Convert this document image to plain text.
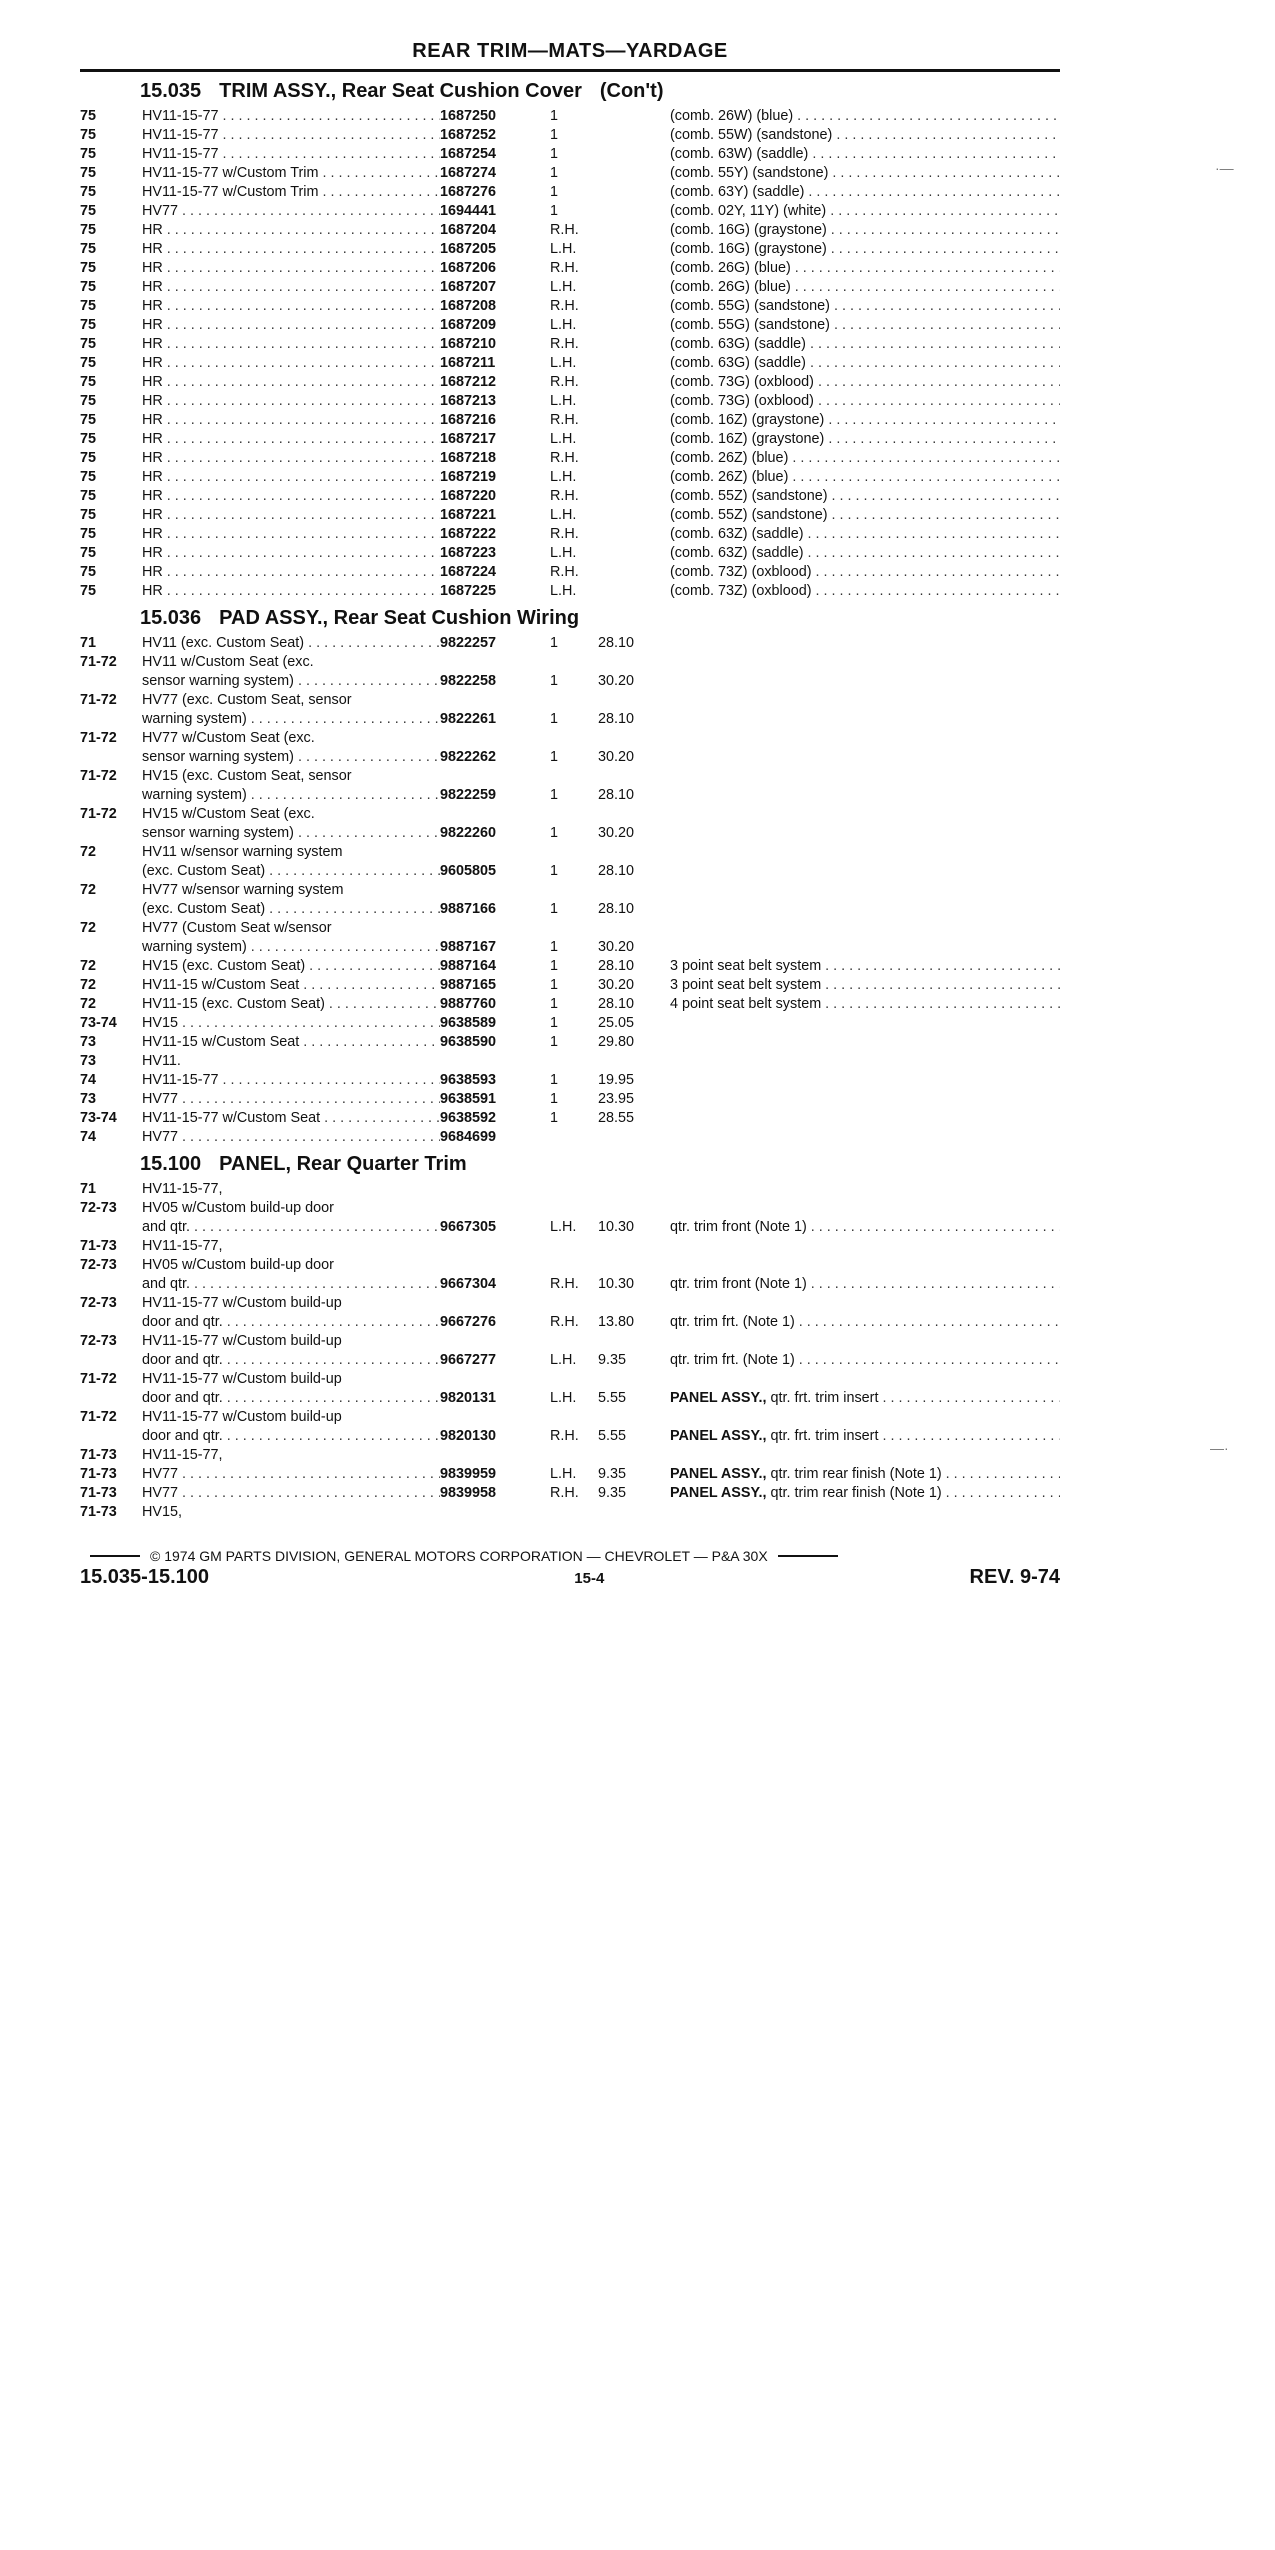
REAR TRIM—MATS—YARDAGE
15.035 TRIM ASSY., Rear Seat Cushion Cover (Con't)
75	HV11-15-77 . . .	1687250	1	(comb. 26W) (blue) . . .
75	HV11-15-77 . . .	1687252	1	(comb. 55W) (sandstone) . . .
75	HV11-15-77 . . .	1687254	1	(comb. 63W) (saddle) . . .
75	HV11-15-77 w/Custom Trim . . .	1687274	1	(comb. 55Y) (sandstone) . . .
75	HV11-15-77 w/Custom Trim . . .	1687276	1	(comb. 63Y) (saddle) . . .
75	HV77 . . .	1694441	1	(comb. 02Y, 11Y) (white) . . .
75	HR . . .	1687204	R.H.	(comb. 16G) (graystone) . . .
75	HR . . .	1687205	L.H.	(comb. 16G) (graystone) . . .
75	HR . . .	1687206	R.H.	(comb. 26G) (blue) . . .
75	HR . . .	1687207	L.H.	(comb. 26G) (blue) . . .
75	HR . . .	1687208	R.H.	(comb. 55G) (sandstone) . . .
75	HR . . .	1687209	L.H.	(comb. 55G) (sandstone) . . .
75	HR . . .	1687210	R.H.	(comb. 63G) (saddle) . . .
75	HR . . .	1687211	L.H.	(comb. 63G) (saddle) . . .
75	HR . . .	1687212	R.H.	(comb. 73G) (oxblood) . . .
75	HR . . .	1687213	L.H.	(comb. 73G) (oxblood) . . .
75	HR . . .	1687216	R.H.	(comb. 16Z) (graystone) . . .
75	HR . . .	1687217	L.H.	(comb. 16Z) (graystone) . . .
75	HR . . .	1687218	R.H.	(comb. 26Z) (blue) . . .
75	HR . . .	1687219	L.H.	(comb. 26Z) (blue) . . .
75	HR . . .	1687220	R.H.	(comb. 55Z) (sandstone) . . .
75	HR . . .	1687221	L.H.	(comb. 55Z) (sandstone) . . .
75	HR . . .	1687222	R.H.	(comb. 63Z) (saddle) . . .
75	HR . . .	1687223	L.H.	(comb. 63Z) (saddle) . . .
75	HR . . .	1687224	R.H.	(comb. 73Z) (oxblood) . . .
75	HR . . .	1687225	L.H.	(comb. 73Z) (oxblood) . . .
15.036 PAD ASSY., Rear Seat Cushion Wiring
71	HV11 (exc. Custom Seat) . . .	9822257	1	28.10
71-72	HV11 w/Custom Seat (exc.
sensor warning system) . . .	9822258	1	30.20
71-72	HV77 (exc. Custom Seat, sensor
warning system) . . .	9822261	1	28.10
71-72	HV77 w/Custom Seat (exc.
sensor warning system) . . .	9822262	1	30.20
71-72	HV15 (exc. Custom Seat, sensor
warning system) . . .	9822259	1	28.10
71-72	HV15 w/Custom Seat (exc.
sensor warning system) . . .	9822260	1	30.20
72	HV11 w/sensor warning system
(exc. Custom Seat) . . .	9605805	1	28.10
72	HV77 w/sensor warning system
(exc. Custom Seat) . . .	9887166	1	28.10
72	HV77 (Custom Seat w/sensor
warning system) . . .	9887167	1	30.20
72	HV15 (exc. Custom Seat) . . .	9887164	1	28.10	3 point seat belt system . . .
72	HV11-15 w/Custom Seat . . .	9887165	1	30.20	3 point seat belt system . . .
72	HV11-15 (exc. Custom Seat) . . .	9887760	1	28.10	4 point seat belt system . . .
73-74	HV15 . . .	9638589	1	25.05
73	HV11-15 w/Custom Seat . . .	9638590	1	29.80
73	HV11.
74	HV11-15-77 . . .	9638593	1	19.95
73	HV77 . . .	9638591	1	23.95
73-74	HV11-15-77 w/Custom Seat . . .	9638592	1	28.55
74	HV77 . . .	9684699
15.100 PANEL, Rear Quarter Trim
71	HV11-15-77,
72-73	HV05 w/Custom build-up door
and qtr. . . .	9667305	L.H.	10.30	qtr. trim front (Note 1) . . .
71-73	HV11-15-77,
72-73	HV05 w/Custom build-up door
and qtr. . . .	9667304	R.H.	10.30	qtr. trim front (Note 1) . . .
72-73	HV11-15-77 w/Custom build-up
door and qtr. . . .	9667276	R.H.	13.80	qtr. trim frt. (Note 1) . . .
72-73	HV11-15-77 w/Custom build-up
door and qtr. . . .	9667277	L.H.	9.35	qtr. trim frt. (Note 1) . . .
71-72	HV11-15-77 w/Custom build-up
door and qtr. . . .	9820131	L.H.	5.55	PANEL ASSY., qtr. frt. trim insert . . .
71-72	HV11-15-77 w/Custom build-up
door and qtr. . . .	9820130	R.H.	5.55	PANEL ASSY., qtr. frt. trim insert . . .
71-73	HV11-15-77,
71-73	HV77 . . .	9839959	L.H.	9.35	PANEL ASSY., qtr. trim rear finish (Note 1) . . .
71-73	HV77 . . .	9839958	R.H.	9.35	PANEL ASSY., qtr. trim rear finish (Note 1) . . .
71-73	HV15,
© 1974 GM PARTS DIVISION, GENERAL MOTORS CORPORATION — CHEVROLET — P&A 30X
15.035-15.100	15-4	REV. 9-74
·—
—·
